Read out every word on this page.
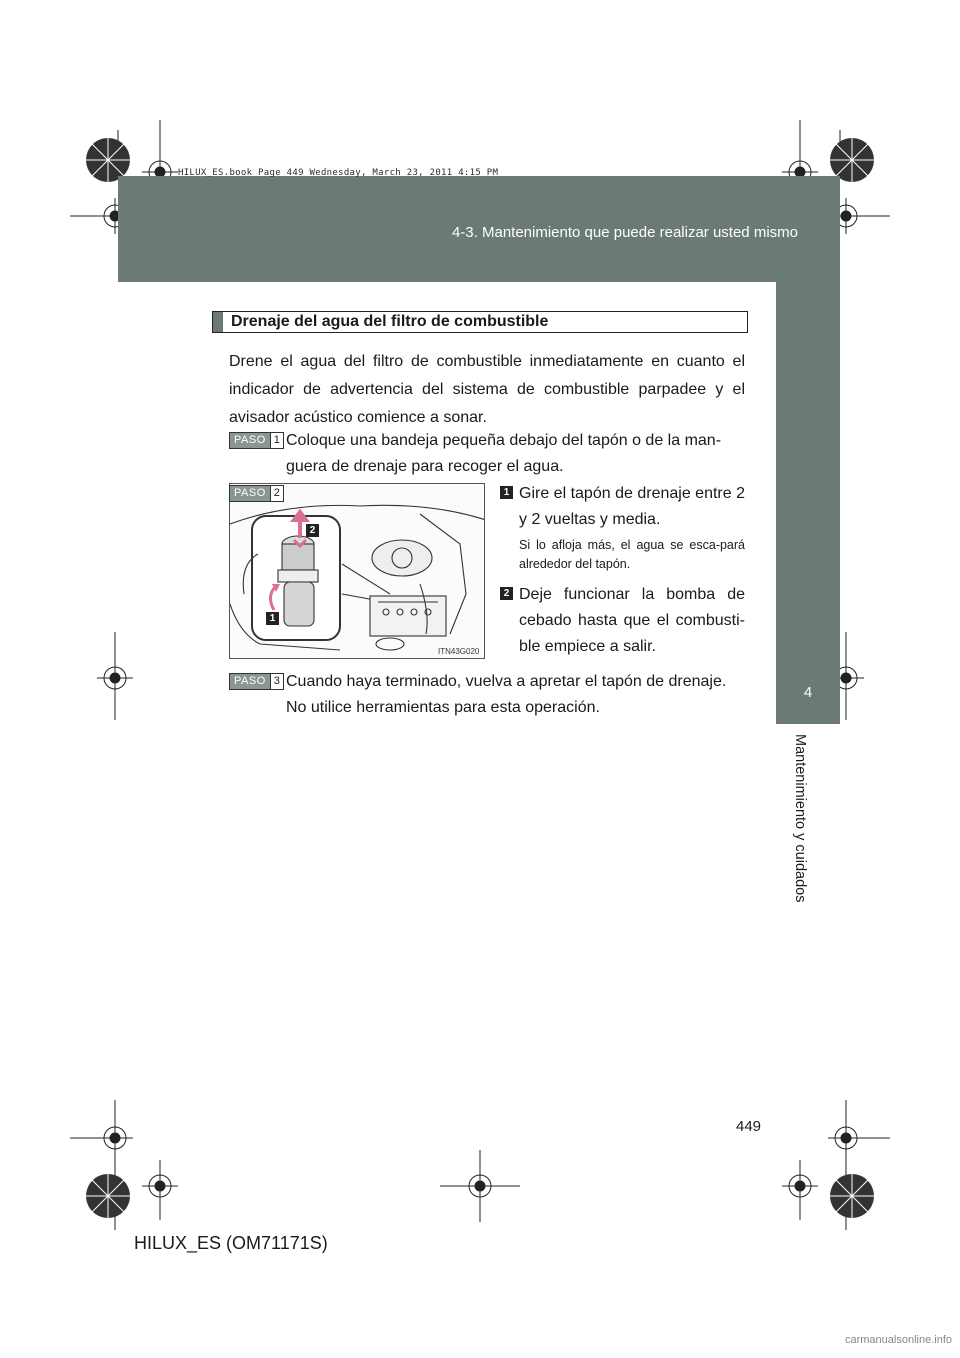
HILUX_ES.book Page 449 Wednesday, March 23, 2011 4:15 PM
4-3. Mantenimiento que puede realizar usted mismo
4
Mantenimiento y cuidados
Drenaje del agua del filtro de combustible
Drene el agua del filtro de combustible inmediatamente en cuanto el indicador de advertencia del sistema de combustible parpadee y el avisador acústico comience a sonar.
PASO 1 Coloque una bandeja pequeña debajo del tapón o de la man-guera de drenaje para recoger el agua.
2
1
PASO 2
ITN43G020
1 Gire el tapón de drenaje entre 2 y 2 vueltas y media.
Si lo afloja más, el agua se esca-pará alrededor del tapón.
2 Deje funcionar la bomba de cebado hasta que el combusti-ble empiece a salir.
PASO 3 Cuando haya terminado, vuelva a apretar el tapón de drenaje. No utilice herramientas para esta operación.
449
HILUX_ES (OM71171S)
carmanualsonline.info
